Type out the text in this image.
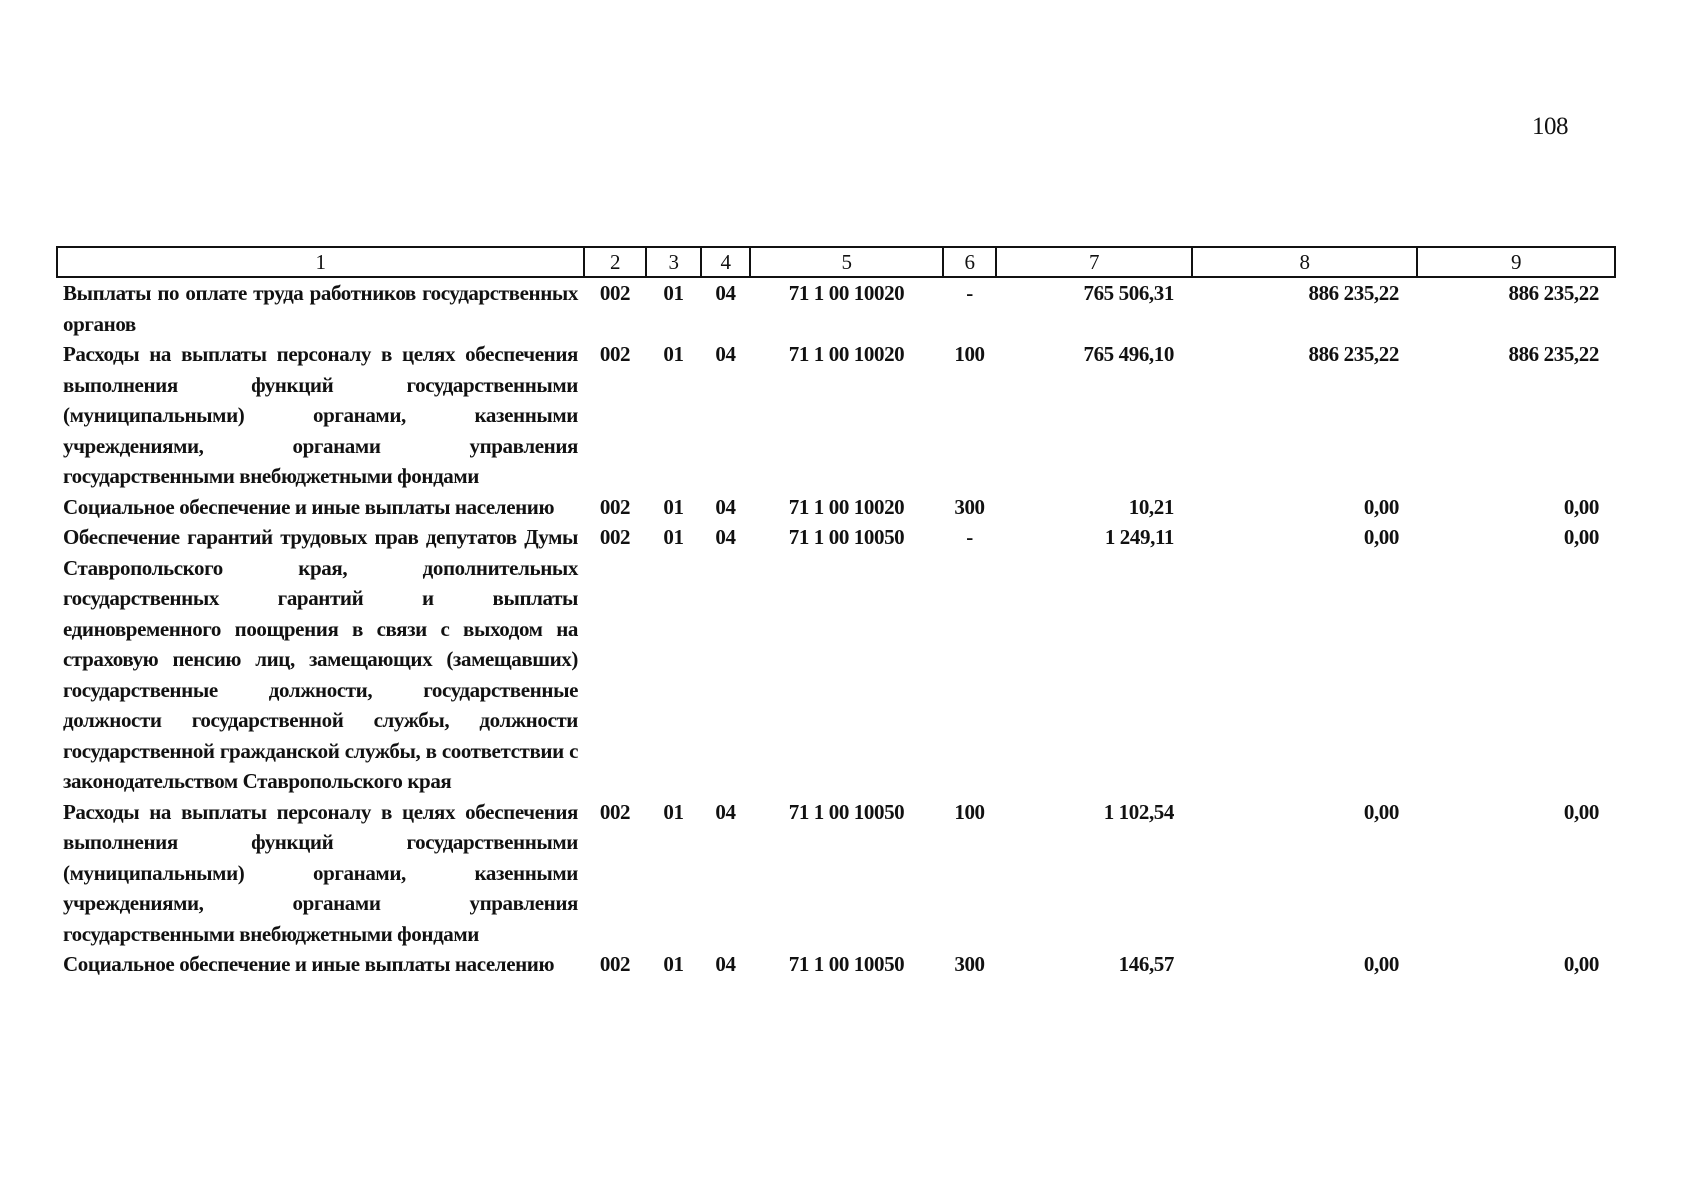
108
1	2	3	4	5	6	7	8	9
Выплаты по оплате труда работников государственных органов	002	01	04	71 1 00 10020	-	765 506,31	886 235,22	886 235,22
Расходы на выплаты персоналу в целях обеспечения выполнения функций государственными (муниципальными) органами, казенными учреждениями, органами управления государственными внебюджетными фондами	002	01	04	71 1 00 10020	100	765 496,10	886 235,22	886 235,22
Социальное обеспечение и иные выплаты населению	002	01	04	71 1 00 10020	300	10,21	0,00	0,00
Обеспечение гарантий трудовых прав депутатов Думы Ставропольского края, дополнительных государственных гарантий и выплаты единовременного поощрения в связи с выходом на страховую пенсию лиц, замещающих (замещавших) государственные должности, государственные должности государственной службы, должности государственной гражданской службы, в соответствии с законодательством Ставропольского края	002	01	04	71 1 00 10050	-	1 249,11	0,00	0,00
Расходы на выплаты персоналу в целях обеспечения выполнения функций государственными (муниципальными) органами, казенными учреждениями, органами управления государственными внебюджетными фондами	002	01	04	71 1 00 10050	100	1 102,54	0,00	0,00
Социальное обеспечение и иные выплаты населению	002	01	04	71 1 00 10050	300	146,57	0,00	0,00
